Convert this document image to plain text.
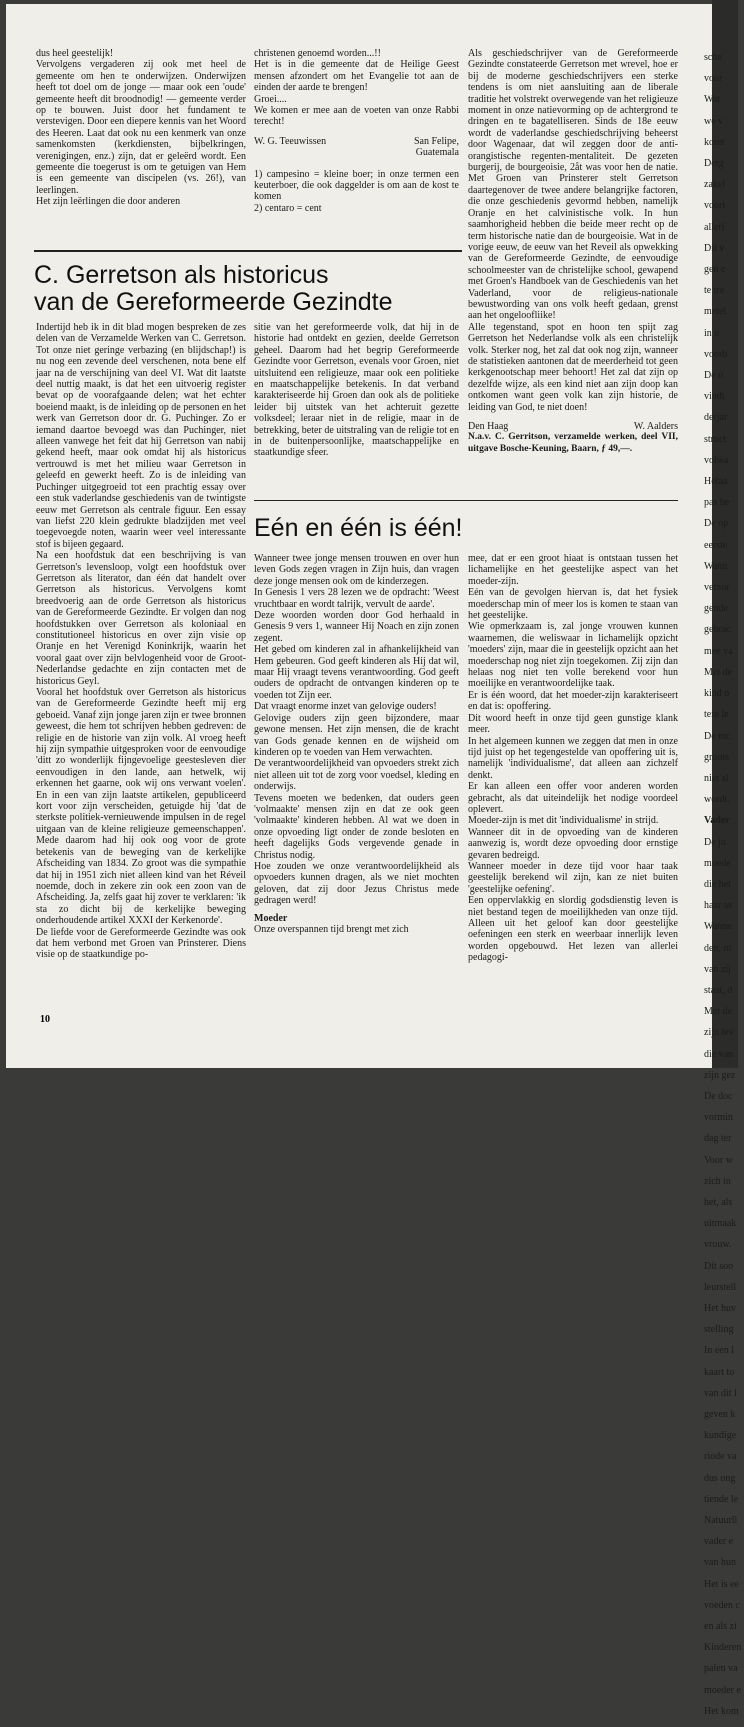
dus heel geestelijk!

Vervolgens vergaderen zij ook met heel de gemeente om hen te onderwijzen. Onderwijzen heeft tot doel om de jonge — maar ook een 'oude' gemeente heeft dit broodnodig! — gemeente verder op te bouwen. Juist door het fundament te verstevigen. Door een diepere kennis van het Woord des Heeren. Laat dat ook nu een kenmerk van onze samenkomsten (kerkdiensten, bijbelkringen, verenigingen, enz.) zijn, dat er geleërd wordt. Een gemeente die toegerust is om te getuigen van Hem is een gemeente van discipelen (vs. 26!), van leerlingen.

Het zijn leërlingen die door anderen

christenen genoemd worden...!!

Het is in die gemeente dat de Heilige Geest mensen afzondert om het Evangelie tot aan de einden der aarde te brengen!

Groei....

We komen er mee aan de voeten van onze Rabbi terecht!

W. G. Teeuwissen	San Felipe, Guatemala

1) campesino = kleine boer; in onze termen een keuterboer, die ook daggelder is om aan de kost te komen

2) centaro = cent

C. Gerretson als historicus
van de Gereformeerde Gezindte

Indertijd heb ik in dit blad mogen bespreken de zes delen van de Verzamelde Werken van C. Gerretson. Tot onze niet geringe verbazing (en blijdschap!) is nu nog een zevende deel verschenen, nota bene elf jaar na de verschijning van deel VI. Wat dit laatste deel nuttig maakt, is dat het een uitvoerig register bevat op de voorafgaande delen; wat het echter boeiend maakt, is de inleiding op de personen en het werk van Gerretson door dr. G. Puchinger. Zo er iemand daartoe bevoegd was dan Puchinger, niet alleen vanwege het feit dat hij Gerretson van nabij gekend heeft, maar ook omdat hij als historicus vertrouwd is met het milieu waar Gerretson in geleefd en gewerkt heeft. Zo is de inleiding van Puchinger uitgegroeid tot een prachtig essay over een stuk vaderlandse geschiedenis van de twintigste eeuw met Gerretson als centrale figuur. Een essay van liefst 220 klein gedrukte bladzijden met veel toegevoegde noten, waarin weer veel interessante stof is bijeen gegaard.

Na een hoofdstuk dat een beschrijving is van Gerretson's levensloop, volgt een hoofdstuk over Gerretson als literator, dan één dat handelt over Gerretson als historicus. Vervolgens komt breedvoerig aan de orde Gerretson als historicus van de Gereformeerde Gezindte. Er volgen dan nog hoofdstukken over Gerretson als koloniaal en constitutioneel historicus en over zijn visie op Oranje en het Verenigd Koninkrijk, waarin het vooral gaat over zijn belvlogenheid voor de Groot-Nederlandse gedachte en zijn contacten met de historicus Geyl.

Vooral het hoofdstuk over Gerretson als historicus van de Gereformeerde Gezindte heeft mij erg geboeid. Vanaf zijn jonge jaren zijn er twee bronnen geweest, die hem tot schrijven hebben gedreven: de religie en de historie van zijn volk. Al vroeg heeft hij zijn sympathie uitgesproken voor de eenvoudige 'ditt zo wonderlijk fijngevoelige geestesleven dier eenvoudigen in den lande, aan hetwelk, wij erkennen het gaarne, ook wij ons verwant voelen'. En in een van zijn laatste artikelen, gepubliceerd kort voor zijn verscheiden, getuigde hij 'dat de sterkste politiek-vernieuwende impulsen in de regel uitgaan van de kleine religieuze gemeenschappen'. Mede daarom had hij ook oog voor de grote betekenis van de beweging van de kerkelijke Afscheiding van 1834. Zo groot was die sympathie dat hij in 1951 zich niet alleen kind van het Réveil noemde, doch in zekere zin ook een zoon van de Afscheiding. Ja, zelfs gaat hij zover te verklaren: 'ik sta zo dicht bij de kerkelijke beweging onderhoudende artikel XXXI der Kerkenorde'.

De liefde voor de Gereformeerde Gezindte was ook dat hem verbond met Groen van Prinsterer. Diens visie op de staatkundige po-

sitie van het gereformeerde volk, dat hij in de historie had ontdekt en gezien, deelde Gerretson geheel. Daarom had het begrip Gereformeerde Gezindte voor Gerretson, evenals voor Groen, niet uitsluitend een religieuze, maar ook een politieke en maatschappelijke betekenis. In dat verband karakteriseerde hij Groen dan ook als de politieke leider bij uitstek van het achteruit gezette volksdeel; leraar niet in de religie, maar in de betrekking, beter de uitstraling van de religie tot en in de buitenpersoonlijke, maatschappelijke en staatkundige sfeer.

Als geschiedschrijver van de Gereformeerde Gezindte constateerde Gerretson met wrevel, hoe er bij de moderne geschiedschrijvers een sterke tendens is om niet aansluiting aan de liberale traditie het volstrekt overwegende van het religieuze moment in onze natievorming op de achtergrond te dringen en te bagatelliseren. Sinds de 18e eeuw wordt de vaderlandse geschiedschrijving beheerst door Wagenaar, dat wil zeggen door de anti-orangistische regenten-mentaliteit. De gezeten burgerij, de bourgeoisie, 2åt was voor hen de natie. Met Groen van Prinsterer stelt Gerretson daartegenover de twee andere belangrijke factoren, die onze geschiedenis gevormd hebben, namelijk Oranje en het calvinistische volk. In hun saamhorigheid hebben die beide meer recht op de term historische natie dan de bourgeoisie. Wat in de vorige eeuw, de eeuw van het Reveil als opwekking van de Gereformeerde Gezindte, de eenvoudige schoolmeester van de christelijke school, gewapend met Groen's Handboek van de Geschiedenis van het Vaderland, voor de religieus-nationale bewustwording van ons volk heeft gedaan, grenst aan het ongeloofliike!

Alle tegenstand, spot en hoon ten spijt zag Gerretson het Nederlandse volk als een christelijk volk. Sterker nog, het zal dat ook nog zijn, wanneer de statistieken aantonen dat de meerderheid tot geen kerkgenootschap meer behoort! Het zal dat zijn op dezelfde wijze, als een kind niet aan zijn doop kan ontkomen want geen volk kan zijn historie, de leiding van God, te niet doen!

Den Haag	W. Aalders
N.a.v. C. Gerritson, verzamelde werken, deel VII, uitgave Bosche-Keuning, Baarn, ƒ 49,—.
Eén en één is één!

Wanneer twee jonge mensen trouwen en over hun leven Gods zegen vragen in Zijn huis, dan vragen deze jonge mensen ook om de kinderzegen.

In Genesis 1 vers 28 lezen we de opdracht: 'Weest vruchtbaar en wordt talrijk, vervult de aarde'.

Deze woorden worden door God herhaald in Genesis 9 vers 1, wanneer Hij Noach en zijn zonen zegent.

Het gebed om kinderen zal in afhankelijkheid van Hem gebeuren. God geeft kinderen als Hij dat wil, maar Hij vraagt tevens verantwoording. God geeft ouders de opdracht de ontvangen kinderen op te voeden tot Zijn eer.

Dat vraagt enorme inzet van gelovige ouders!

Gelovige ouders zijn geen bijzondere, maar gewone mensen. Het zijn mensen, die de kracht van Gods genade kennen en de wijsheid om kinderen op te voeden van Hem verwachten.

De verantwoordelijkheid van opvoeders strekt zich niet alleen uit tot de zorg voor voedsel, kleding en onderwijs.

Tevens moeten we bedenken, dat ouders geen 'volmaakte' mensen zijn en dat ze ook geen 'volmaakte' kinderen hebben. Al wat we doen in onze opvoeding ligt onder de zonde besloten en heeft dagelijks Gods vergevende genade in Christus nodig.

Hoe zouden we onze verantwoordelijkheid als opvoeders kunnen dragen, als we niet mochten geloven, dat zij door Jezus Christus mede gedragen werd!

Moeder

Onze overspannen tijd brengt met zich

mee, dat er een groot hiaat is ontstaan tussen het lichamelijke en het geestelijke aspect van het moeder-zijn.

Eén van de gevolgen hiervan is, dat het fysiek moederschap min of meer los is komen te staan van het geestelijke.

Wie opmerkzaam is, zal jonge vrouwen kunnen waarnemen, die weliswaar in lichamelijk opzicht 'moeders' zijn, maar die in geestelijk opzicht aan het moederschap nog niet zijn toegekomen. Zij zijn dan helaas nog niet ten volle berekend voor hun moeilijke en verantwoordelijke taak.

Er is één woord, dat het moeder-zijn karakteriseert en dat is: opoffering.

Dit woord heeft in onze tijd geen gunstige klank meer.

In het algemeen kunnen we zeggen dat men in onze tijd juist op het tegengestelde van opoffering uit is, namelijk 'individualisme', dat alleen aan zichzelf denkt.

Er kan alleen een offer voor anderen worden gebracht, als dat uiteindelijk het nodige voordeel oplevert.

Moeder-zijn is met dit 'individualisme' in strijd.

Wanneer dit in de opvoeding van de kinderen aanwezig is, wordt deze opvoeding door ernstige gevaren bedreigd.

Wanneer moeder in deze tijd voor haar taak geestelijk berekend wil zijn, kan ze niet buiten 'geestelijke oefening'.

Een oppervlakkig en slordig godsdienstig leven is niet bestand tegen de moeilijkheden van onze tijd. Alleen uit het geloof kan door geestelijke oefeningen een sterk en weerbaar innerlijk leven worden opgebouwd. Het lezen van allerlei pedagogi-

sche

voor

Wat

we v

korer

Derg

zakel

voori

allerl

Dit v

gen c

te tre

metel

in o

voorb

De o

vindt

derjar

struct

volwa

Helaa

pas be

De op

eerste

Wann

verzor

gende

gebrac

mee va

Met de

kind o

tere le

De mc

groots

niet al

wordt.

Vader

De jo

moede

die het

haar as

Wanne

den, m

van zij

staat, d

Met de

zijn lev

die van

zijn gez

De doc

vormin

dag ter

Voor w

zich in

het, als

uitmaak

vrouw.

Dit soo

leurstell

Het huv

stelling

In een l

kaart to

van dit l

geven k

kundige

riode va

dus ong

tiende le

Natuurli

vader e

van hun

Het is ee

voeden c

en als zi

Kinderen

palen va

moeder e

Het kom

10
